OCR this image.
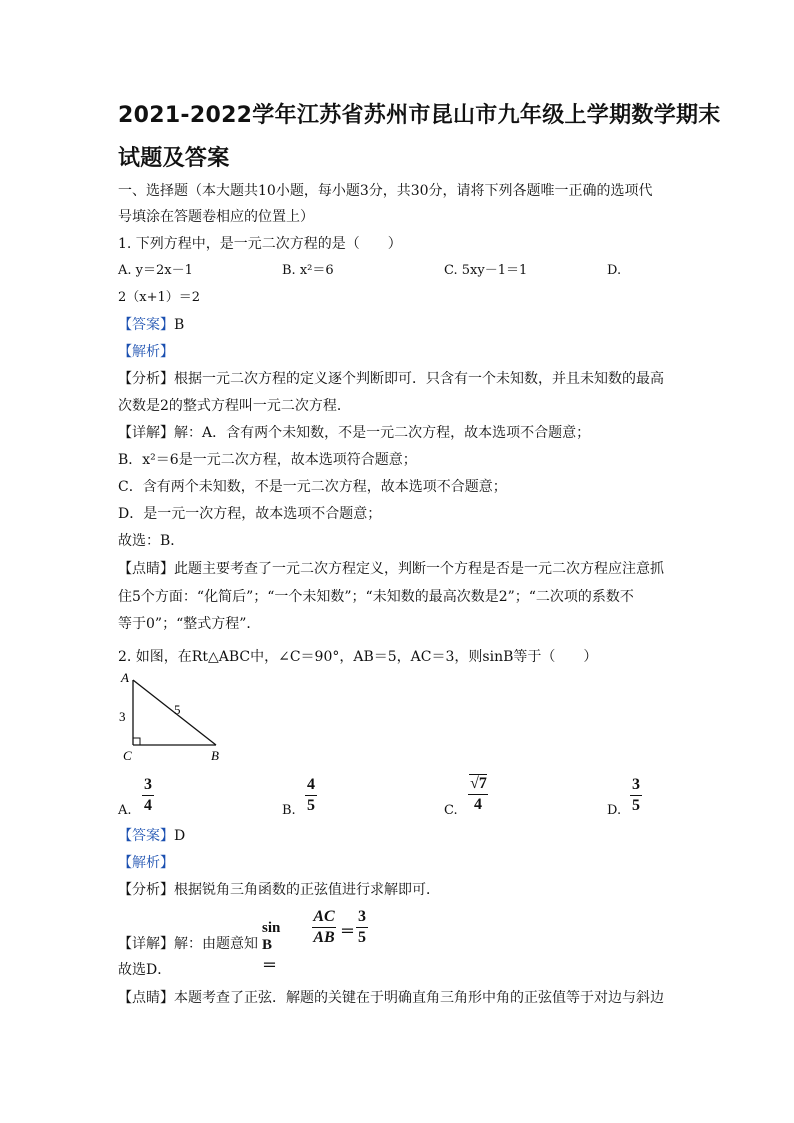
2021-2022学年江苏省苏州市昆山市九年级上学期数学期末
试题及答案
一、选择题（本大题共10小题，每小题3分，共30分，请将下列各题唯一正确的选项代
号填涂在答题卷相应的位置上）
1. 下列方程中，是一元二次方程的是（　　）
A. y＝2x－1	B. x²＝6	C. 5xy－1＝1	D.
2（x+1）＝2
【答案】B
【解析】
【分析】根据一元二次方程的定义逐个判断即可．只含有一个未知数，并且未知数的最高
次数是2的整式方程叫一元二次方程．
【详解】解：A．含有两个未知数，不是一元二次方程，故本选项不合题意；
B．x²＝6是一元二次方程，故本选项符合题意；
C．含有两个未知数，不是一元二次方程，故本选项不合题意；
D．是一元一次方程，故本选项不合题意；
故选：B．
【点睛】此题主要考查了一元二次方程定义，判断一个方程是否是一元二次方程应注意抓
住5个方面：“化简后”；“一个未知数”；“未知数的最高次数是2”；“二次项的系数不
等于0”；“整式方程”．
2. 如图，在Rt△ABC中，∠C＝90°，AB＝5，AC＝3，则sinB等于（　　）
A
C	B
3	5
A.
3
4	B.
4
5	C.
√7
4	D.
3
5
【答案】D
【解析】
【分析】根据锐角三角函数的正弦值进行求解即可．
【详解】解：由题意知
sin B＝
AC
AB ＝
3
5
故选D．
【点睛】本题考查了正弦．解题的关键在于明确直角三角形中角的正弦值等于对边与斜边
